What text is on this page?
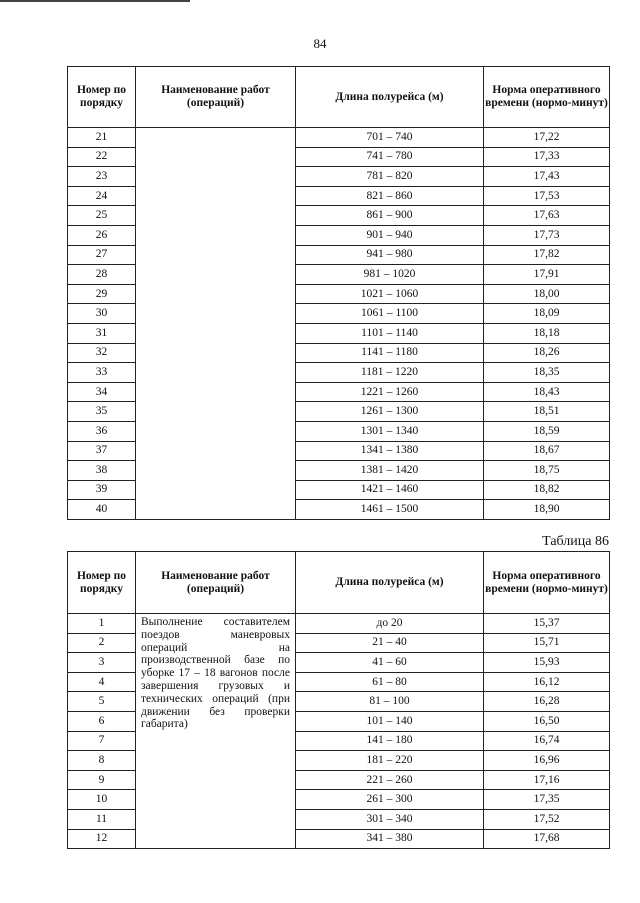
84
Номер по порядку	Наименование работ (операций)	Длина полурейса (м)	Норма оперативного времени (нормо-минут)
21		701 – 740	17,22
22		741 – 780	17,33
23		781 – 820	17,43
24		821 – 860	17,53
25		861 – 900	17,63
26		901 – 940	17,73
27		941 – 980	17,82
28		981 – 1020	17,91
29		1021 – 1060	18,00
30		1061 – 1100	18,09
31		1101 – 1140	18,18
32		1141 – 1180	18,26
33		1181 – 1220	18,35
34		1221 – 1260	18,43
35		1261 – 1300	18,51
36		1301 – 1340	18,59
37		1341 – 1380	18,67
38		1381 – 1420	18,75
39		1421 – 1460	18,82
40		1461 – 1500	18,90
Таблица 86
Номер по порядку	Наименование работ (операций)	Длина полурейса (м)	Норма оперативного времени (нормо-минут)
1	Выполнение составителем поездов маневровых операций на производственной базе по уборке 17 – 18 вагонов после завершения грузовых и технических операций (при движении без проверки габарита)	до 20	15,37
2		21 – 40	15,71
3		41 – 60	15,93
4		61 – 80	16,12
5		81 – 100	16,28
6		101 – 140	16,50
7		141 – 180	16,74
8		181 – 220	16,96
9		221 – 260	17,16
10		261 – 300	17,35
11		301 – 340	17,52
12		341 – 380	17,68
